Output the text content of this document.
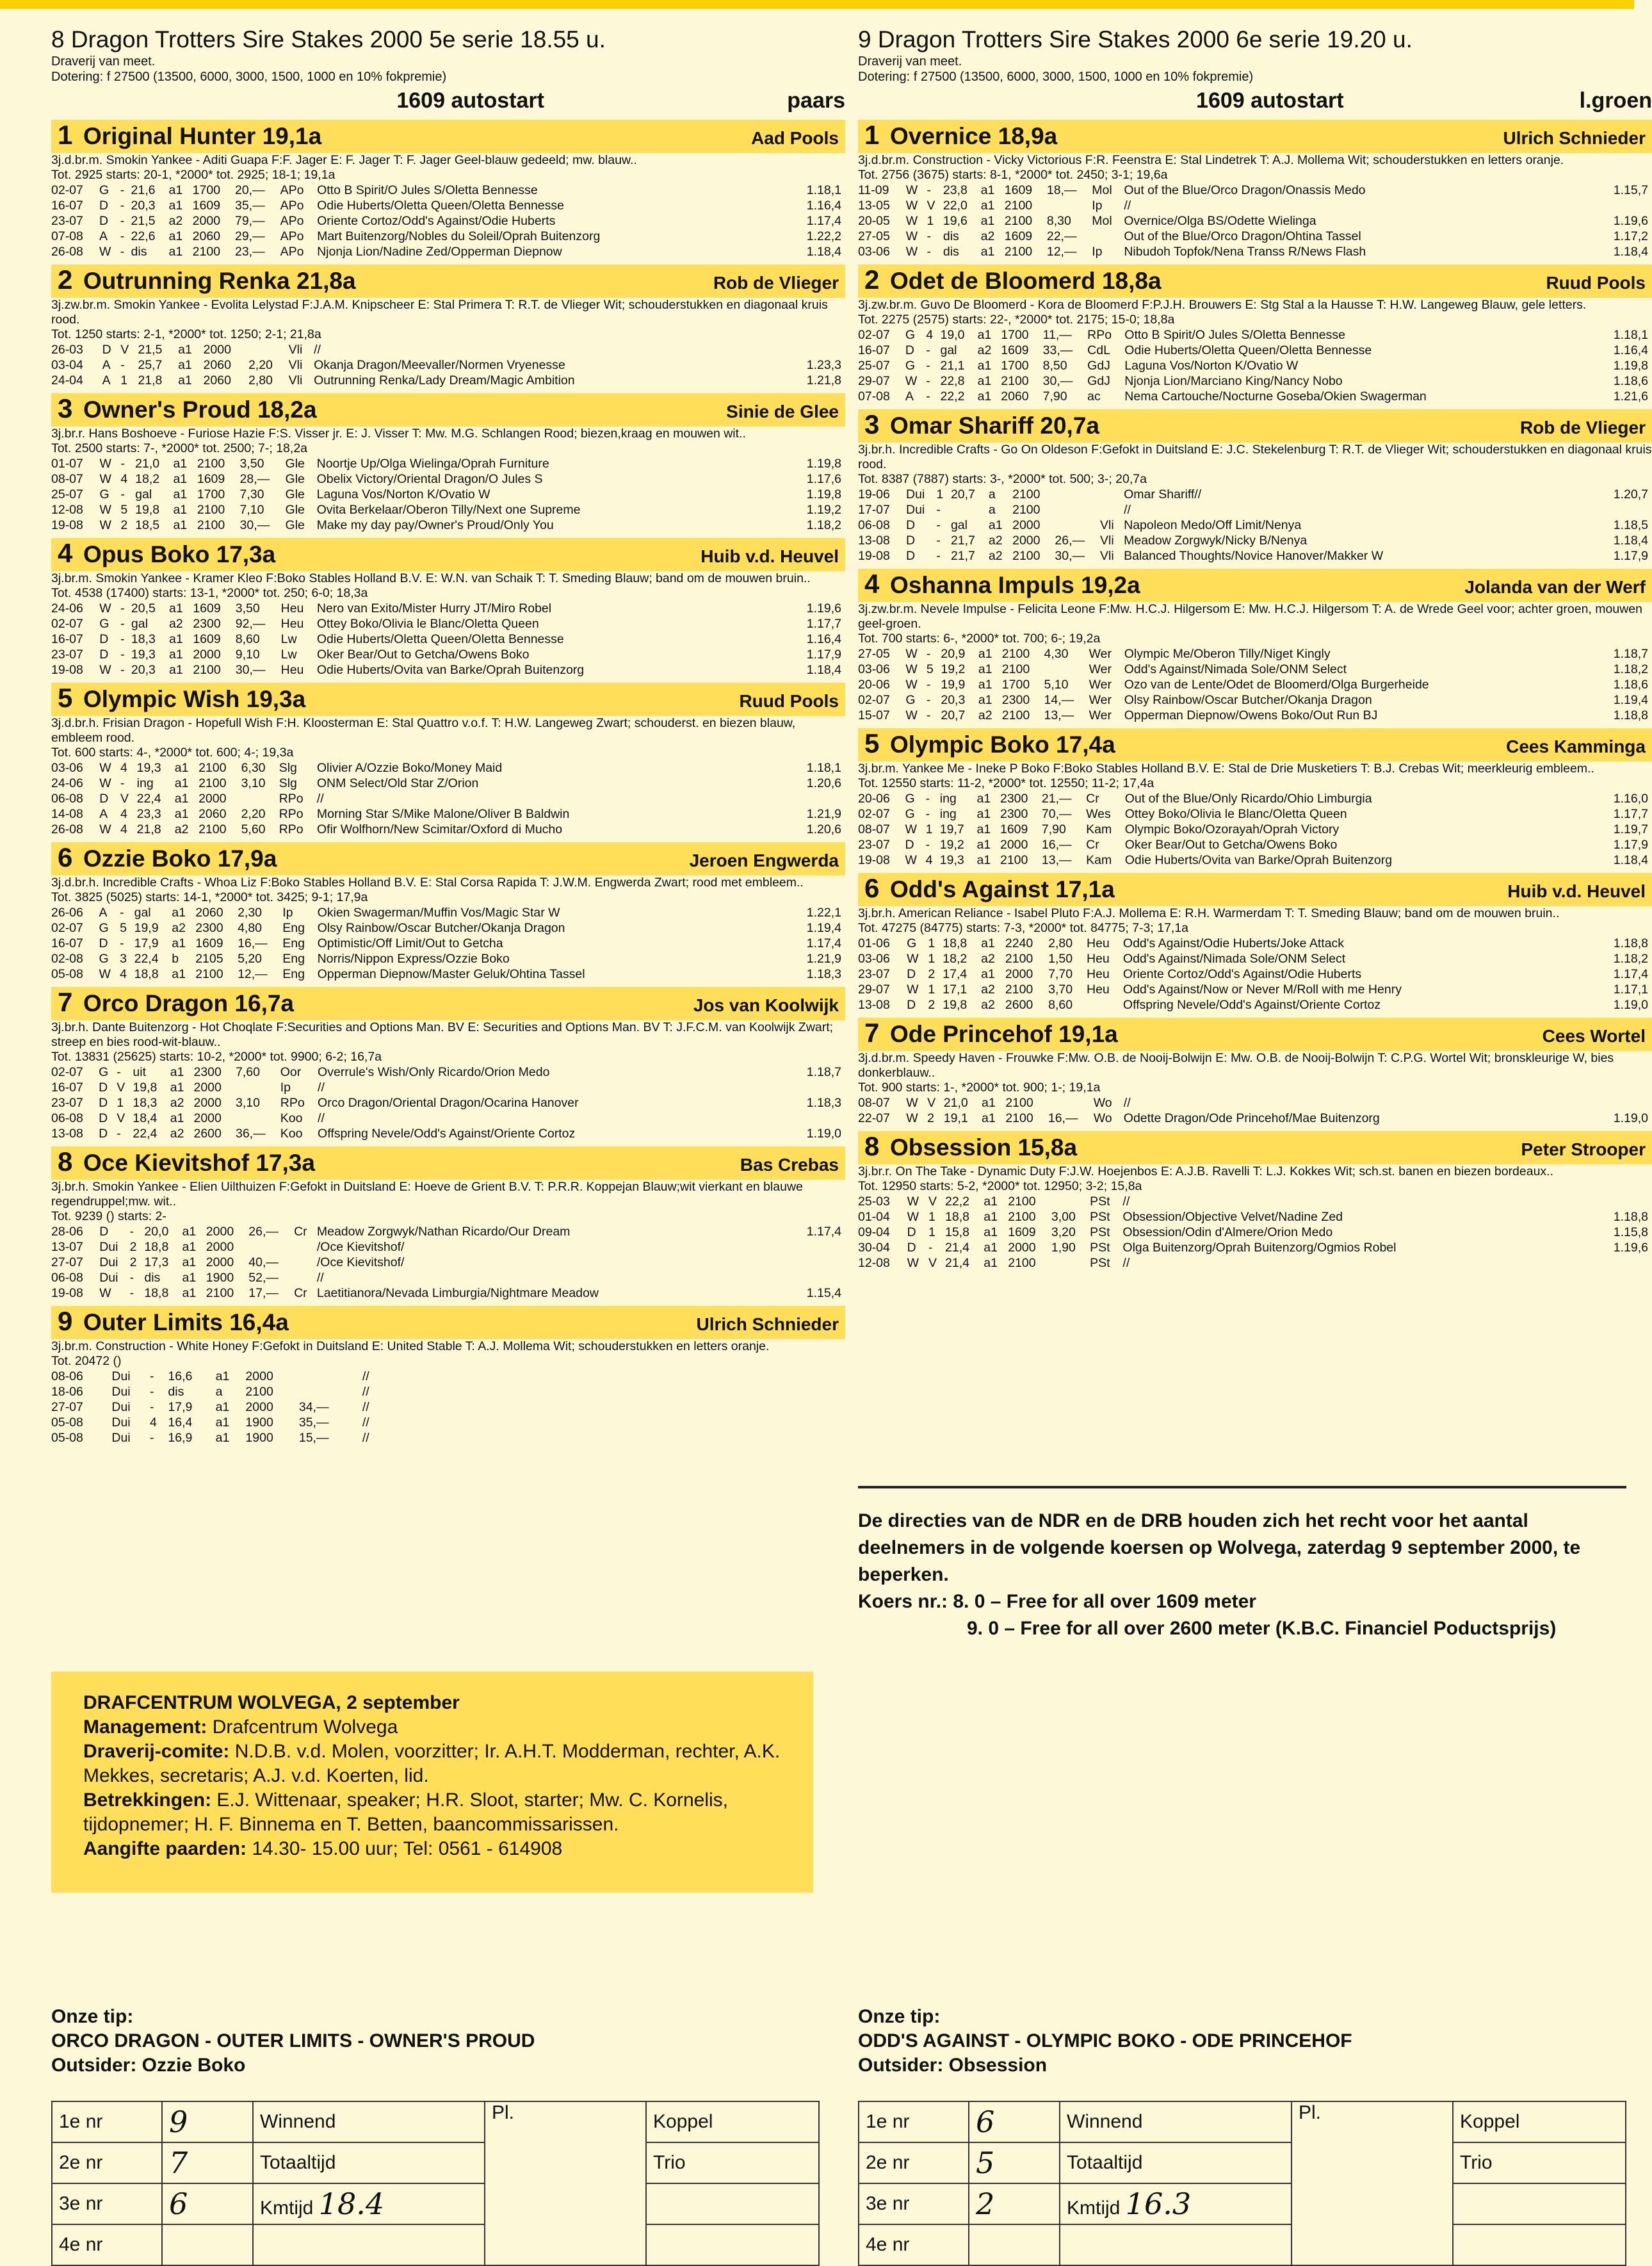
8 Dragon Trotters Sire Stakes 2000 5e serie 18.55 u.
Draverij van meet.
Dotering: f 27500 (13500, 6000, 3000, 1500, 1000 en 10% fokpremie)
1609 autostart	paars
1 Original Hunter 19,1a	Aad Pools
3j.d.br.m. Smokin Yankee - Aditi Guapa F:F. Jager E: F. Jager T: F. Jager Geel-blauw gedeeld; mw. blauw..
Tot. 2925 starts: 20-1, *2000* tot. 2925; 18-1; 19,1a
02-07	G	-	21,6	a1	1700	20,—	APo	Otto B Spirit/O Jules S/Oletta Bennesse	1.18,1
16-07	D	-	20,3	a1	1609	35,—	APo	Odie Huberts/Oletta Queen/Oletta Bennesse	1.16,4
23-07	D	-	21,5	a2	2000	79,—	APo	Oriente Cortoz/Odd's Against/Odie Huberts	1.17,4
07-08	A	-	22,6	a1	2060	29,—	APo	Mart Buitenzorg/Nobles du Soleil/Oprah Buitenzorg	1.22,2
26-08	W	-	dis	a1	2100	23,—	APo	Njonja Lion/Nadine Zed/Opperman Diepnow	1.18,4
2 Outrunning Renka 21,8a	Rob de Vlieger
3j.zw.br.m. Smokin Yankee - Evolita Lelystad F:J.A.M. Knipscheer E: Stal Primera T: R.T. de Vlieger Wit; schouderstukken en diagonaal kruis rood.
Tot. 1250 starts: 2-1, *2000* tot. 1250; 2-1; 21,8a
26-03	D	V	21,5	a1	2000		Vli	//	
03-04	A	-	25,7	a1	2060	2,20	Vli	Okanja Dragon/Meevaller/Normen Vryenesse	1.23,3
24-04	A	1	21,8	a1	2060	2,80	Vli	Outrunning Renka/Lady Dream/Magic Ambition	1.21,8
3 Owner's Proud 18,2a	Sinie de Glee
3j.br.r. Hans Boshoeve - Furiose Hazie F:S. Visser jr. E: J. Visser T: Mw. M.G. Schlangen Rood; biezen,kraag en mouwen wit..
Tot. 2500 starts: 7-, *2000* tot. 2500; 7-; 18,2a
01-07	W	-	21,0	a1	2100	3,50	Gle	Noortje Up/Olga Wielinga/Oprah Furniture	1.19,8
08-07	W	4	18,2	a1	1609	28,—	Gle	Obelix Victory/Oriental Dragon/O Jules S	1.17,6
25-07	G	-	gal	a1	1700	7,30	Gle	Laguna Vos/Norton K/Ovatio W	1.19,8
12-08	W	5	19,8	a1	2100	7,10	Gle	Ovita Berkelaar/Oberon Tilly/Next one Supreme	1.19,2
19-08	W	2	18,5	a1	2100	30,—	Gle	Make my day pay/Owner's Proud/Only You	1.18,2
4 Opus Boko 17,3a	Huib v.d. Heuvel
3j.br.m. Smokin Yankee - Kramer Kleo F:Boko Stables Holland B.V. E: W.N. van Schaik T: T. Smeding Blauw; band om de mouwen bruin..
Tot. 4538 (17400) starts: 13-1, *2000* tot. 250; 6-0; 18,3a
24-06	W	-	20,5	a1	1609	3,50	Heu	Nero van Exito/Mister Hurry JT/Miro Robel	1.19,6
02-07	G	-	gal	a2	2300	92,—	Heu	Ottey Boko/Olivia le Blanc/Oletta Queen	1.17,7
16-07	D	-	18,3	a1	1609	8,60	Lw	Odie Huberts/Oletta Queen/Oletta Bennesse	1.16,4
23-07	D	-	19,3	a1	2000	9,10	Lw	Oker Bear/Out to Getcha/Owens Boko	1.17,9
19-08	W	-	20,3	a1	2100	30,—	Heu	Odie Huberts/Ovita van Barke/Oprah Buitenzorg	1.18,4
5 Olympic Wish 19,3a	Ruud Pools
3j.d.br.h. Frisian Dragon - Hopefull Wish F:H. Kloosterman E: Stal Quattro v.o.f. T: H.W. Langeweg Zwart; schouderst. en biezen blauw, embleem rood.
Tot. 600 starts: 4-, *2000* tot. 600; 4-; 19,3a
03-06	W	4	19,3	a1	2100	6,30	Slg	Olivier A/Ozzie Boko/Money Maid	1.18,1
24-06	W	-	ing	a1	2100	3,10	Slg	ONM Select/Old Star Z/Orion	1.20,6
06-08	D	V	22,4	a1	2000		RPo	//	
14-08	A	4	23,3	a1	2060	2,20	RPo	Morning Star S/Mike Malone/Oliver B Baldwin	1.21,9
26-08	W	4	21,8	a2	2100	5,60	RPo	Ofir Wolfhorn/New Scimitar/Oxford di Mucho	1.20,6
6 Ozzie Boko 17,9a	Jeroen Engwerda
3j.d.br.h. Incredible Crafts - Whoa Liz F:Boko Stables Holland B.V. E: Stal Corsa Rapida T: J.W.M. Engwerda Zwart; rood met embleem..
Tot. 3825 (5025) starts: 14-1, *2000* tot. 3425; 9-1; 17,9a
26-06	A	-	gal	a1	2060	2,30	Ip	Okien Swagerman/Muffin Vos/Magic Star W	1.22,1
02-07	G	5	19,9	a2	2300	4,80	Eng	Olsy Rainbow/Oscar Butcher/Okanja Dragon	1.19,4
16-07	D	-	17,9	a1	1609	16,—	Eng	Optimistic/Off Limit/Out to Getcha	1.17,4
02-08	G	3	22,4	b	2105	5,20	Eng	Norris/Nippon Express/Ozzie Boko	1.21,9
05-08	W	4	18,8	a1	2100	12,—	Eng	Opperman Diepnow/Master Geluk/Ohtina Tassel	1.18,3
7 Orco Dragon 16,7a	Jos van Koolwijk
3j.br.h. Dante Buitenzorg - Hot Choqlate F:Securities and Options Man. BV E: Securities and Options Man. BV T: J.F.C.M. van Koolwijk Zwart; streep en bies rood-wit-blauw..
Tot. 13831 (25625) starts: 10-2, *2000* tot. 9900; 6-2; 16,7a
02-07	G	-	uit	a1	2300	7,60	Oor	Overrule's Wish/Only Ricardo/Orion Medo	1.18,7
16-07	D	V	19,8	a1	2000		Ip	//	
23-07	D	1	18,3	a2	2000	3,10	RPo	Orco Dragon/Oriental Dragon/Ocarina Hanover	1.18,3
06-08	D	V	18,4	a1	2000		Koo	//	
13-08	D	-	22,4	a2	2600	36,—	Koo	Offspring Nevele/Odd's Against/Oriente Cortoz	1.19,0
8 Oce Kievitshof 17,3a	Bas Crebas
3j.br.h. Smokin Yankee - Elien Uilthuizen F:Gefokt in Duitsland E: Hoeve de Grient B.V. T: P.R.R. Koppejan Blauw;wit vierkant en blauwe regendruppel;mw. wit..
Tot. 9239 () starts: 2-
28-06	D	-	20,0	a1	2000	26,—	Cr	Meadow Zorgwyk/Nathan Ricardo/Our Dream	1.17,4
13-07	Dui	2	18,8	a1	2000			/Oce Kievitshof/	
27-07	Dui	2	17,3	a1	2000	40,—		/Oce Kievitshof/	
06-08	Dui	-	dis	a1	1900	52,—		//	
19-08	W	-	18,8	a1	2100	17,—	Cr	Laetitianora/Nevada Limburgia/Nightmare Meadow	1.15,4
9 Outer Limits 16,4a	Ulrich Schnieder
3j.br.m. Construction - White Honey F:Gefokt in Duitsland E: United Stable T: A.J. Mollema Wit; schouderstukken en letters oranje.
Tot. 20472 ()
08-06	Dui	-	16,6	a1	2000			//	
18-06	Dui	-	dis	a	2100			//	
27-07	Dui	-	17,9	a1	2000	34,—		//	
05-08	Dui	4	16,4	a1	1900	35,—		//	
05-08	Dui	-	16,9	a1	1900	15,—		//	
9 Dragon Trotters Sire Stakes 2000 6e serie 19.20 u.
Draverij van meet.
Dotering: f 27500 (13500, 6000, 3000, 1500, 1000 en 10% fokpremie)
1609 autostart	l.groen
1 Overnice 18,9a	Ulrich Schnieder
3j.d.br.m. Construction - Vicky Victorious F:R. Feenstra E: Stal Lindetrek T: A.J. Mollema Wit; schouderstukken en letters oranje.
Tot. 2756 (3675) starts: 8-1, *2000* tot. 2450; 3-1; 19,6a
11-09	W	-	23,8	a1	1609	18,—	Mol	Out of the Blue/Orco Dragon/Onassis Medo	1.15,7
13-05	W	V	22,0	a1	2100		Ip	//	
20-05	W	1	19,6	a1	2100	8,30	Mol	Overnice/Olga BS/Odette Wielinga	1.19,6
27-05	W	-	dis	a2	1609	22,—		Out of the Blue/Orco Dragon/Ohtina Tassel	1.17,2
03-06	W	-	dis	a1	2100	12,—	Ip	Nibudoh Topfok/Nena Transs R/News Flash	1.18,4
2 Odet de Bloomerd 18,8a	Ruud Pools
3j.zw.br.m. Guvo De Bloomerd - Kora de Bloomerd F:P.J.H. Brouwers E: Stg Stal a la Hausse T: H.W. Langeweg Blauw, gele letters.
Tot. 2275 (2575) starts: 22-, *2000* tot. 2175; 15-0; 18,8a
02-07	G	4	19,0	a1	1700	11,—	RPo	Otto B Spirit/O Jules S/Oletta Bennesse	1.18,1
16-07	D	-	gal	a2	1609	33,—	CdL	Odie Huberts/Oletta Queen/Oletta Bennesse	1.16,4
25-07	G	-	21,1	a1	1700	8,50	GdJ	Laguna Vos/Norton K/Ovatio W	1.19,8
29-07	W	-	22,8	a1	2100	30,—	GdJ	Njonja Lion/Marciano King/Nancy Nobo	1.18,6
07-08	A	-	22,2	a1	2060	7,90	ac	Nema Cartouche/Nocturne Goseba/Okien Swagerman	1.21,6
3 Omar Shariff 20,7a	Rob de Vlieger
3j.br.h. Incredible Crafts - Go On Oldeson F:Gefokt in Duitsland E: J.C. Stekelenburg T: R.T. de Vlieger Wit; schouderstukken en diagonaal kruis rood.
Tot. 8387 (7887) starts: 3-, *2000* tot. 500; 3-; 20,7a
19-06	Dui	1	20,7	a	2100			Omar Shariff//	1.20,7
17-07	Dui	-		a	2100			//	
06-08	D	-	gal	a1	2000		Vli	Napoleon Medo/Off Limit/Nenya	1.18,5
13-08	D	-	21,7	a2	2000	26,—	Vli	Meadow Zorgwyk/Nicky B/Nenya	1.18,4
19-08	D	-	21,7	a2	2100	30,—	Vli	Balanced Thoughts/Novice Hanover/Makker W	1.17,9
4 Oshanna Impuls 19,2a	Jolanda van der Werf
3j.zw.br.m. Nevele Impulse - Felicita Leone F:Mw. H.C.J. Hilgersom E: Mw. H.C.J. Hilgersom T: A. de Wrede Geel voor; achter groen, mouwen geel-groen.
Tot. 700 starts: 6-, *2000* tot. 700; 6-; 19,2a
27-05	W	-	20,9	a1	2100	4,30	Wer	Olympic Me/Oberon Tilly/Niget Kingly	1.18,7
03-06	W	5	19,2	a1	2100		Wer	Odd's Against/Nimada Sole/ONM Select	1.18,2
20-06	W	-	19,9	a1	1700	5,10	Wer	Ozo van de Lente/Odet de Bloomerd/Olga Burgerheide	1.18,6
02-07	G	-	20,3	a1	2300	14,—	Wer	Olsy Rainbow/Oscar Butcher/Okanja Dragon	1.19,4
15-07	W	-	20,7	a2	2100	13,—	Wer	Opperman Diepnow/Owens Boko/Out Run BJ	1.18,8
5 Olympic Boko 17,4a	Cees Kamminga
3j.br.m. Yankee Me - Ineke P Boko F:Boko Stables Holland B.V. E: Stal de Drie Musketiers T: B.J. Crebas Wit; meerkleurig embleem..
Tot. 12550 starts: 11-2, *2000* tot. 12550; 11-2; 17,4a
20-06	G	-	ing	a1	2300	21,—	Cr	Out of the Blue/Only Ricardo/Ohio Limburgia	1.16,0
02-07	G	-	ing	a1	2300	70,—	Wes	Ottey Boko/Olivia le Blanc/Oletta Queen	1.17,7
08-07	W	1	19,7	a1	1609	7,90	Kam	Olympic Boko/Ozorayah/Oprah Victory	1.19,7
23-07	D	-	19,2	a1	2000	16,—	Cr	Oker Bear/Out to Getcha/Owens Boko	1.17,9
19-08	W	4	19,3	a1	2100	13,—	Kam	Odie Huberts/Ovita van Barke/Oprah Buitenzorg	1.18,4
6 Odd's Against 17,1a	Huib v.d. Heuvel
3j.br.h. American Reliance - Isabel Pluto F:A.J. Mollema E: R.H. Warmerdam T: T. Smeding Blauw; band om de mouwen bruin..
Tot. 47275 (84775) starts: 7-3, *2000* tot. 84775; 7-3; 17,1a
01-06	G	1	18,8	a1	2240	2,80	Heu	Odd's Against/Odie Huberts/Joke Attack	1.18,8
03-06	W	1	18,2	a2	2100	1,50	Heu	Odd's Against/Nimada Sole/ONM Select	1.18,2
23-07	D	2	17,4	a1	2000	7,70	Heu	Oriente Cortoz/Odd's Against/Odie Huberts	1.17,4
29-07	W	1	17,1	a2	2100	3,70	Heu	Odd's Against/Now or Never M/Roll with me Henry	1.17,1
13-08	D	2	19,8	a2	2600	8,60		Offspring Nevele/Odd's Against/Oriente Cortoz	1.19,0
7 Ode Princehof 19,1a	Cees Wortel
3j.d.br.m. Speedy Haven - Frouwke F:Mw. O.B. de Nooij-Bolwijn E: Mw. O.B. de Nooij-Bolwijn T: C.P.G. Wortel Wit; bronskleurige W, bies donkerblauw..
Tot. 900 starts: 1-, *2000* tot. 900; 1-; 19,1a
08-07	W	V	21,0	a1	2100		Wo	//	
22-07	W	2	19,1	a1	2100	16,—	Wo	Odette Dragon/Ode Princehof/Mae Buitenzorg	1.19,0
8 Obsession 15,8a	Peter Strooper
3j.br.r. On The Take - Dynamic Duty F:J.W. Hoejenbos E: A.J.B. Ravelli T: L.J. Kokkes Wit; sch.st. banen en biezen bordeaux..
Tot. 12950 starts: 5-2, *2000* tot. 12950; 3-2; 15,8a
25-03	W	V	22,2	a1	2100		PSt	//	
01-04	W	1	18,8	a1	2100	3,00	PSt	Obsession/Objective Velvet/Nadine Zed	1.18,8
09-04	D	1	15,8	a1	1609	3,20	PSt	Obsession/Odin d'Almere/Orion Medo	1.15,8
30-04	D	-	21,4	a1	2000	1,90	PSt	Olga Buitenzorg/Oprah Buitenzorg/Ogmios Robel	1.19,6
12-08	W	V	21,4	a1	2100		PSt	//	
De directies van de NDR en de DRB houden zich het recht voor het aantal deelnemers in de volgende koersen op Wolvega, zaterdag 9 september 2000, te beperken.
Koers nr.: 8. 0 – Free for all over 1609 meter
9. 0 – Free for all over 2600 meter (K.B.C. Financiel Poductsprijs)
DRAFCENTRUM WOLVEGA, 2 september
Management: Drafcentrum Wolvega
Draverij-comite: N.D.B. v.d. Molen, voorzitter; Ir. A.H.T. Modderman, rechter, A.K. Mekkes, secretaris; A.J. v.d. Koerten, lid.
Betrekkingen: E.J. Wittenaar, speaker; H.R. Sloot, starter; Mw. C. Kornelis, tijdopnemer; H. F. Binnema en T. Betten, baancommissarissen.
Aangifte paarden: 14.30- 15.00 uur; Tel: 0561 - 614908
Onze tip:
ORCO DRAGON - OUTER LIMITS - OWNER'S PROUD
Outsider: Ozzie Boko
Onze tip:
ODD'S AGAINST - OLYMPIC BOKO - ODE PRINCEHOF
Outsider: Obsession
1e nr	9	Winnend	Pl.	Koppel
2e nr	7	Totaaltijd		Trio
3e nr	6	Kmtijd 18.4		
4e nr				
1e nr	6	Winnend	Pl.	Koppel
2e nr	5	Totaaltijd		Trio
3e nr	2	Kmtijd 16.3		
4e nr				
